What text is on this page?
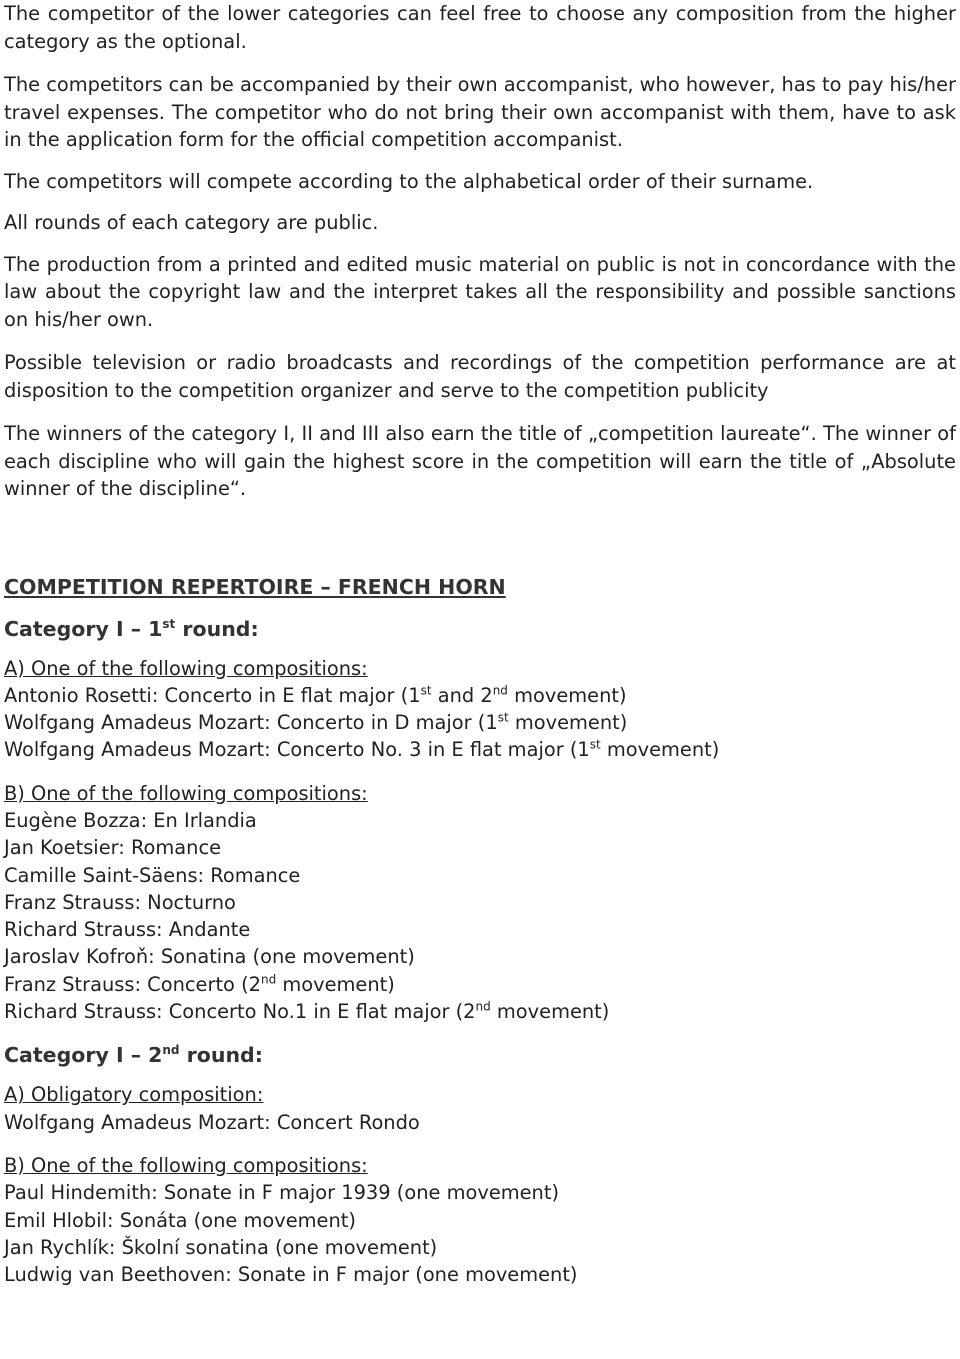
The competitor of the lower categories can feel free to choose any composition from the higher category as the optional.

The competitors can be accompanied by their own accompanist, who however, has to pay his/her travel expenses. The competitor who do not bring their own accompanist with them, have to ask in the application form for the official competition accompanist.

The competitors will compete according to the alphabetical order of their surname.

All rounds of each category are public.

The production from a printed and edited music material on public is not in concordance with the law about the copyright law and the interpret takes all the responsibility and possible sanctions on his/her own.

Possible television or radio broadcasts and recordings of the competition performance are at disposition to the competition organizer and serve to the competition publicity

The winners of the category I, II and III also earn the title of „competition laureate“. The winner of each discipline who will gain the highest score in the competition will earn the title of „Absolute winner of the discipline“.

COMPETITION REPERTOIRE – FRENCH HORN
Category I – 1st round:
A) One of the following compositions:
Antonio Rosetti: Concerto in E flat major (1st and 2nd movement)
Wolfgang Amadeus Mozart: Concerto in D major (1st movement)
Wolfgang Amadeus Mozart: Concerto No. 3 in E flat major (1st movement)
B) One of the following compositions:
Eugène Bozza: En Irlandia
Jan Koetsier: Romance
Camille Saint-Säens: Romance
Franz Strauss: Nocturno
Richard Strauss: Andante
Jaroslav Kofroň: Sonatina (one movement)
Franz Strauss: Concerto (2nd movement)
Richard Strauss: Concerto No.1 in E flat major (2nd movement)
Category I – 2nd round:
A) Obligatory composition:
Wolfgang Amadeus Mozart: Concert Rondo
B) One of the following compositions:
Paul Hindemith: Sonate in F major 1939 (one movement)
Emil Hlobil: Sonáta (one movement)
Jan Rychlík: Školní sonatina (one movement)
Ludwig van Beethoven: Sonate in F major (one movement)
